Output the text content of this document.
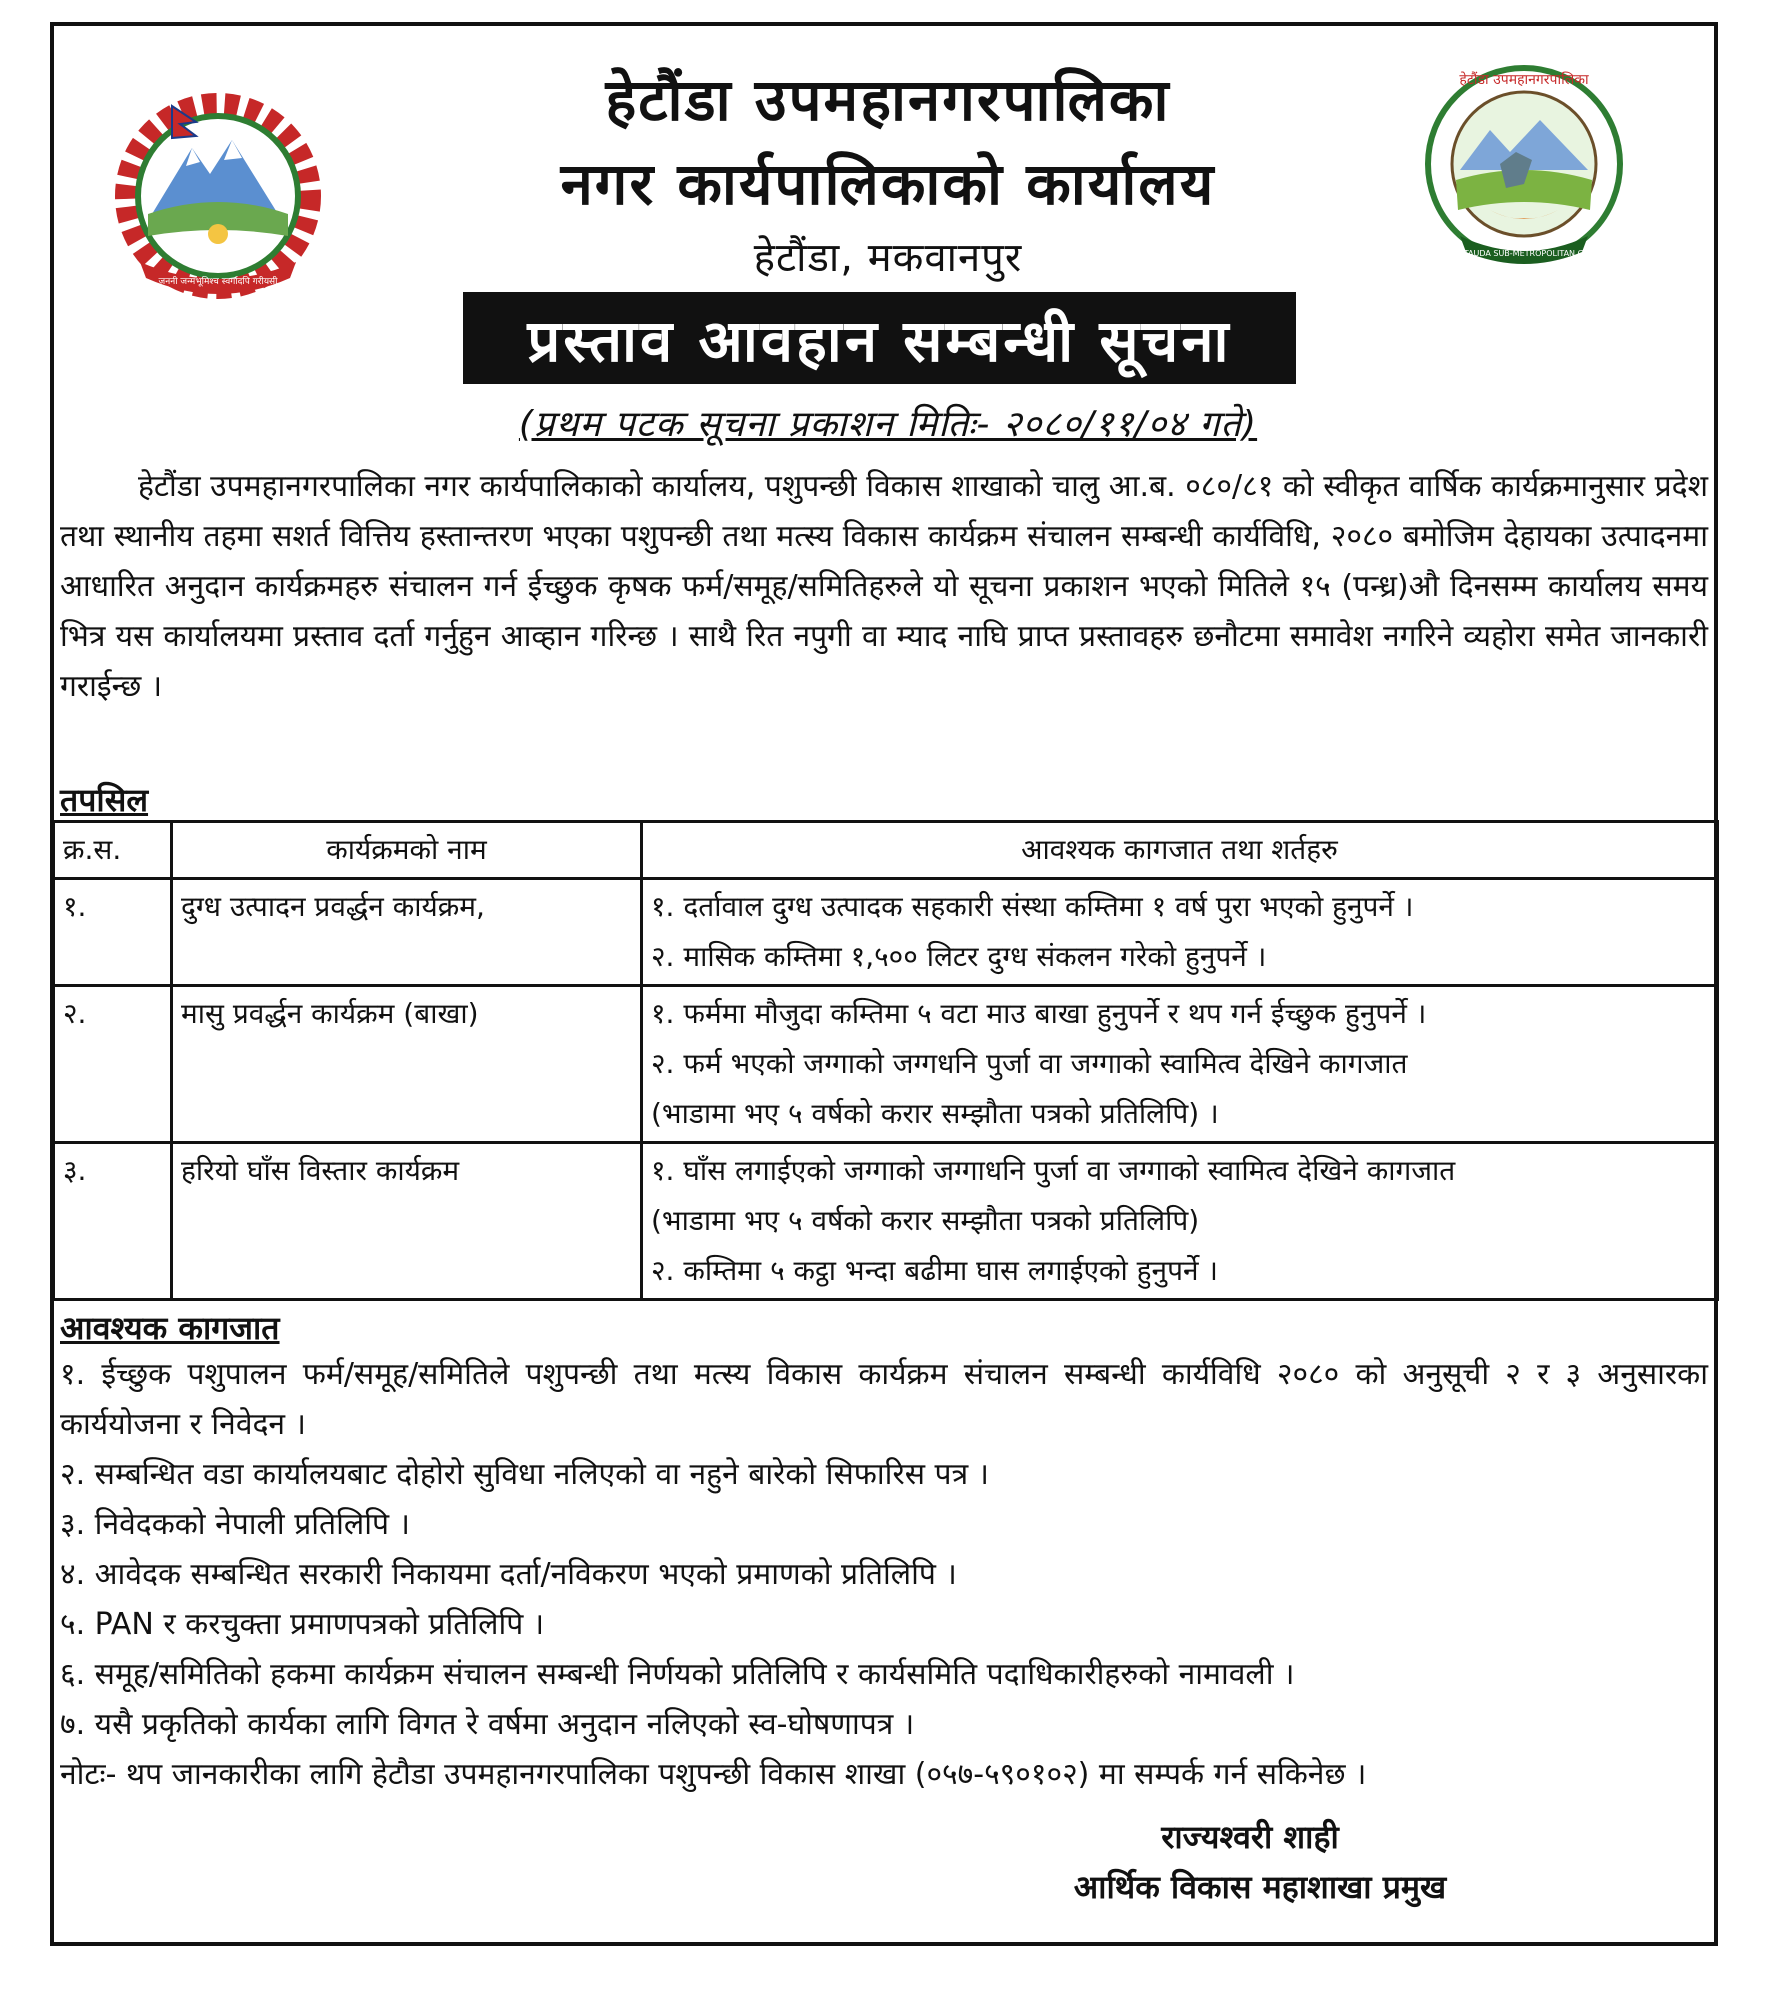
जननी जन्मभूमिश्च स्वर्गादपि गरीयसी
हेटौंडा उपमहानगरपालिका
HETAUDA SUB-METROPOLITAN CITY
हेटौंडा उपमहानगरपालिका
नगर कार्यपालिकाको कार्यालय
हेटौंडा, मकवानपुर
प्रस्ताव आवहान सम्बन्धी सूचना
(प्रथम पटक सूचना प्रकाशन मितिः- २०८०/११/०४ गते)
हेटौंडा उपमहानगरपालिका नगर कार्यपालिकाको कार्यालय, पशुपन्छी विकास शाखाको चालु आ.ब. ०८०/८१ को स्वीकृत वार्षिक कार्यक्रमानुसार प्रदेश तथा स्थानीय तहमा सशर्त वित्तिय हस्तान्तरण भएका पशुपन्छी तथा मत्स्य विकास कार्यक्रम संचालन सम्बन्धी कार्यविधि, २०८० बमोजिम देहायका उत्पादनमा आधारित अनुदान कार्यक्रमहरु संचालन गर्न ईच्छुक कृषक फर्म/समूह/समितिहरुले यो सूचना प्रकाशन भएको मितिले १५ (पन्ध्र)औ दिनसम्म कार्यालय समय भित्र यस कार्यालयमा प्रस्ताव दर्ता गर्नुहुन आव्हान गरिन्छ । साथै रित नपुगी वा म्याद नाघि प्राप्त प्रस्तावहरु छनौटमा समावेश नगरिने व्यहोरा समेत जानकारी गराईन्छ ।
तपसिल
क्र.स.	कार्यक्रमको नाम	आवश्यक कागजात तथा शर्तहरु
१.	दुग्ध उत्पादन प्रवर्द्धन कार्यक्रम,	१. दर्तावाल दुग्ध उत्पादक सहकारी संस्था कम्तिमा १ वर्ष पुरा भएको हुनुपर्ने ।
२. मासिक कम्तिमा १,५०० लिटर दुग्ध संकलन गरेको हुनुपर्ने ।

२.	मासु प्रवर्द्धन कार्यक्रम (बाखा)	१. फर्ममा मौजुदा कम्तिमा ५ वटा माउ बाखा हुनुपर्ने र थप गर्न ईच्छुक हुनुपर्ने ।
२. फर्म भएको जग्गाको जग्गधनि पुर्जा वा जग्गाको स्वामित्व देखिने कागजात
(भाडामा भए ५ वर्षको करार सम्झौता पत्रको प्रतिलिपि) ।

३.	हरियो घाँस विस्तार कार्यक्रम	१. घाँस लगाईएको जग्गाको जग्गाधनि पुर्जा वा जग्गाको स्वामित्व देखिने कागजात
(भाडामा भए ५ वर्षको करार सम्झौता पत्रको प्रतिलिपि)
२. कम्तिमा ५ कट्ठा भन्दा बढीमा घास लगाईएको हुनुपर्ने ।
आवश्यक कागजात
१. ईच्छुक पशुपालन फर्म/समूह/समितिले पशुपन्छी तथा मत्स्य विकास कार्यक्रम संचालन सम्बन्धी कार्यविधि २०८० को अनुसूची २ र ३ अनुसारका कार्ययोजना र निवेदन ।
२. सम्बन्धित वडा कार्यालयबाट दोहोरो सुविधा नलिएको वा नहुने बारेको सिफारिस पत्र ।
३. निवेदकको नेपाली प्रतिलिपि ।
४. आवेदक सम्बन्धित सरकारी निकायमा दर्ता/नविकरण भएको प्रमाणको प्रतिलिपि ।
५. PAN र करचुक्ता प्रमाणपत्रको प्रतिलिपि ।
६. समूह/समितिको हकमा कार्यक्रम संचालन सम्बन्धी निर्णयको प्रतिलिपि र कार्यसमिति पदाधिकारीहरुको नामावली ।
७. यसै प्रकृतिको कार्यका लागि विगत रे वर्षमा अनुदान नलिएको स्व-घोषणापत्र ।
नोटः- थप जानकारीका लागि हेटौडा उपमहानगरपालिका पशुपन्छी विकास शाखा (०५७-५९०१०२) मा सम्पर्क गर्न सकिनेछ ।
राज्यश्वरी शाही
आर्थिक विकास महाशाखा प्रमुख
